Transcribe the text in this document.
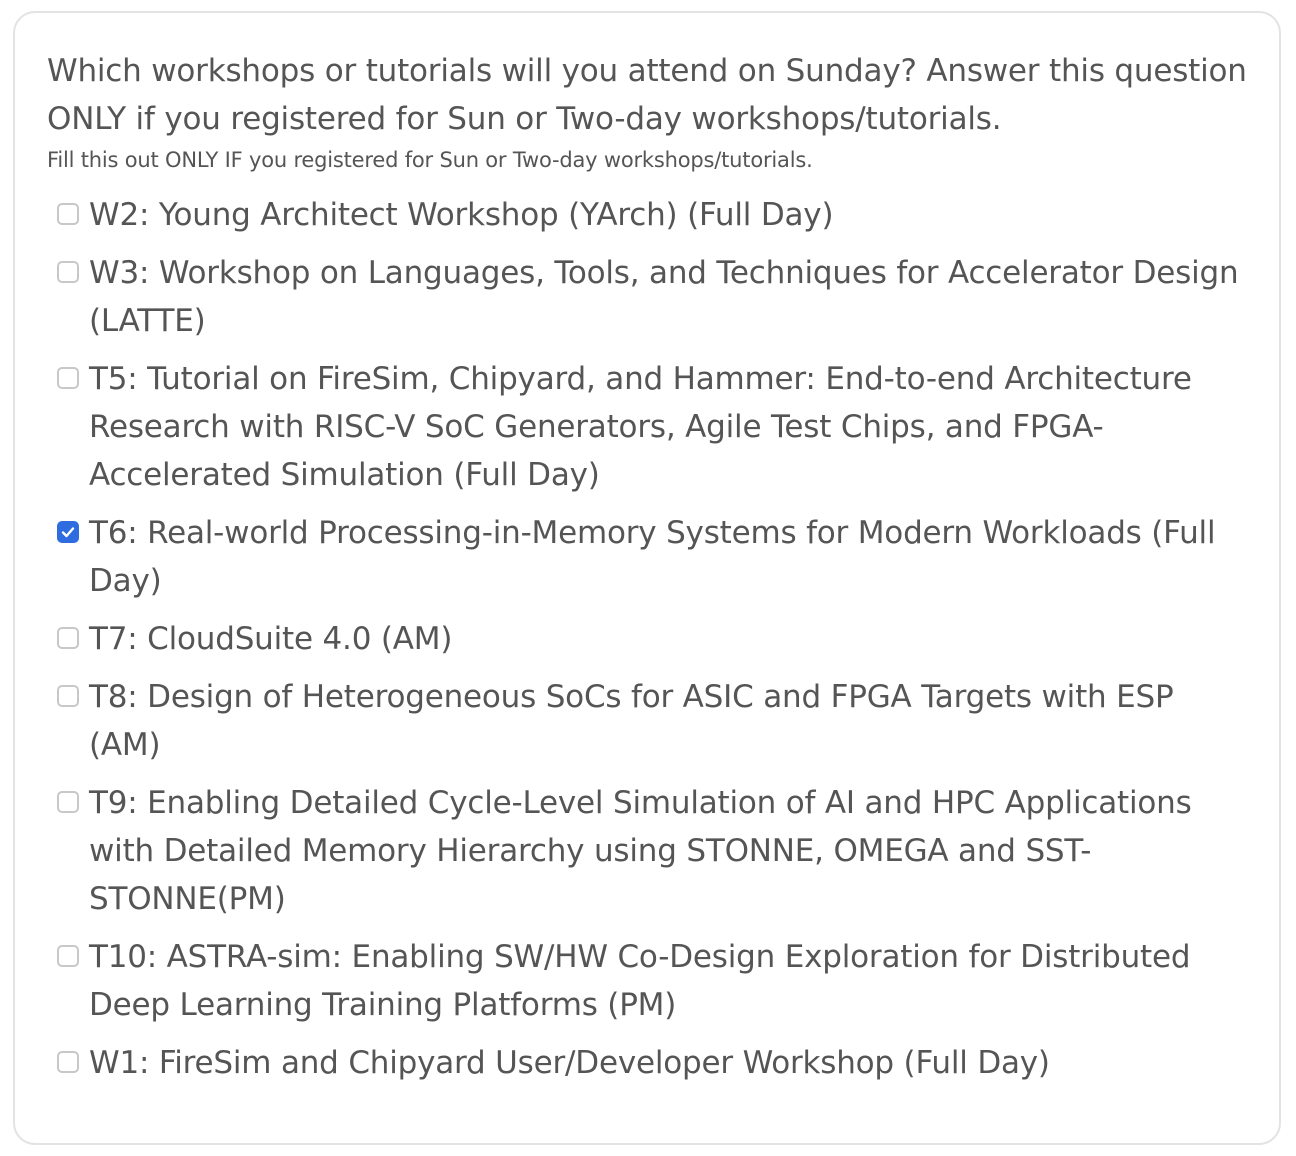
Which workshops or tutorials will you attend on Sunday? Answer this question ONLY if you registered for Sun or Two-day workshops/tutorials.
Fill this out ONLY IF you registered for Sun or Two-day workshops/tutorials.
W2: Young Architect Workshop (YArch) (Full Day)
W3: Workshop on Languages, Tools, and Techniques for Accelerator Design (LATTE)
T5: Tutorial on FireSim, Chipyard, and Hammer: End-to-end Architecture Research with RISC-V SoC Generators, Agile Test Chips, and FPGA-Accelerated Simulation (Full Day)
T6: Real-world Processing-in-Memory Systems for Modern Workloads (Full Day)
T7: CloudSuite 4.0 (AM)
T8: Design of Heterogeneous SoCs for ASIC and FPGA Targets with ESP (AM)
T9: Enabling Detailed Cycle-Level Simulation of AI and HPC Applications with Detailed Memory Hierarchy using STONNE, OMEGA and SST-STONNE(PM)
T10: ASTRA-sim: Enabling SW/HW Co-Design Exploration for Distributed Deep Learning Training Platforms (PM)
W1: FireSim and Chipyard User/Developer Workshop (Full Day)
